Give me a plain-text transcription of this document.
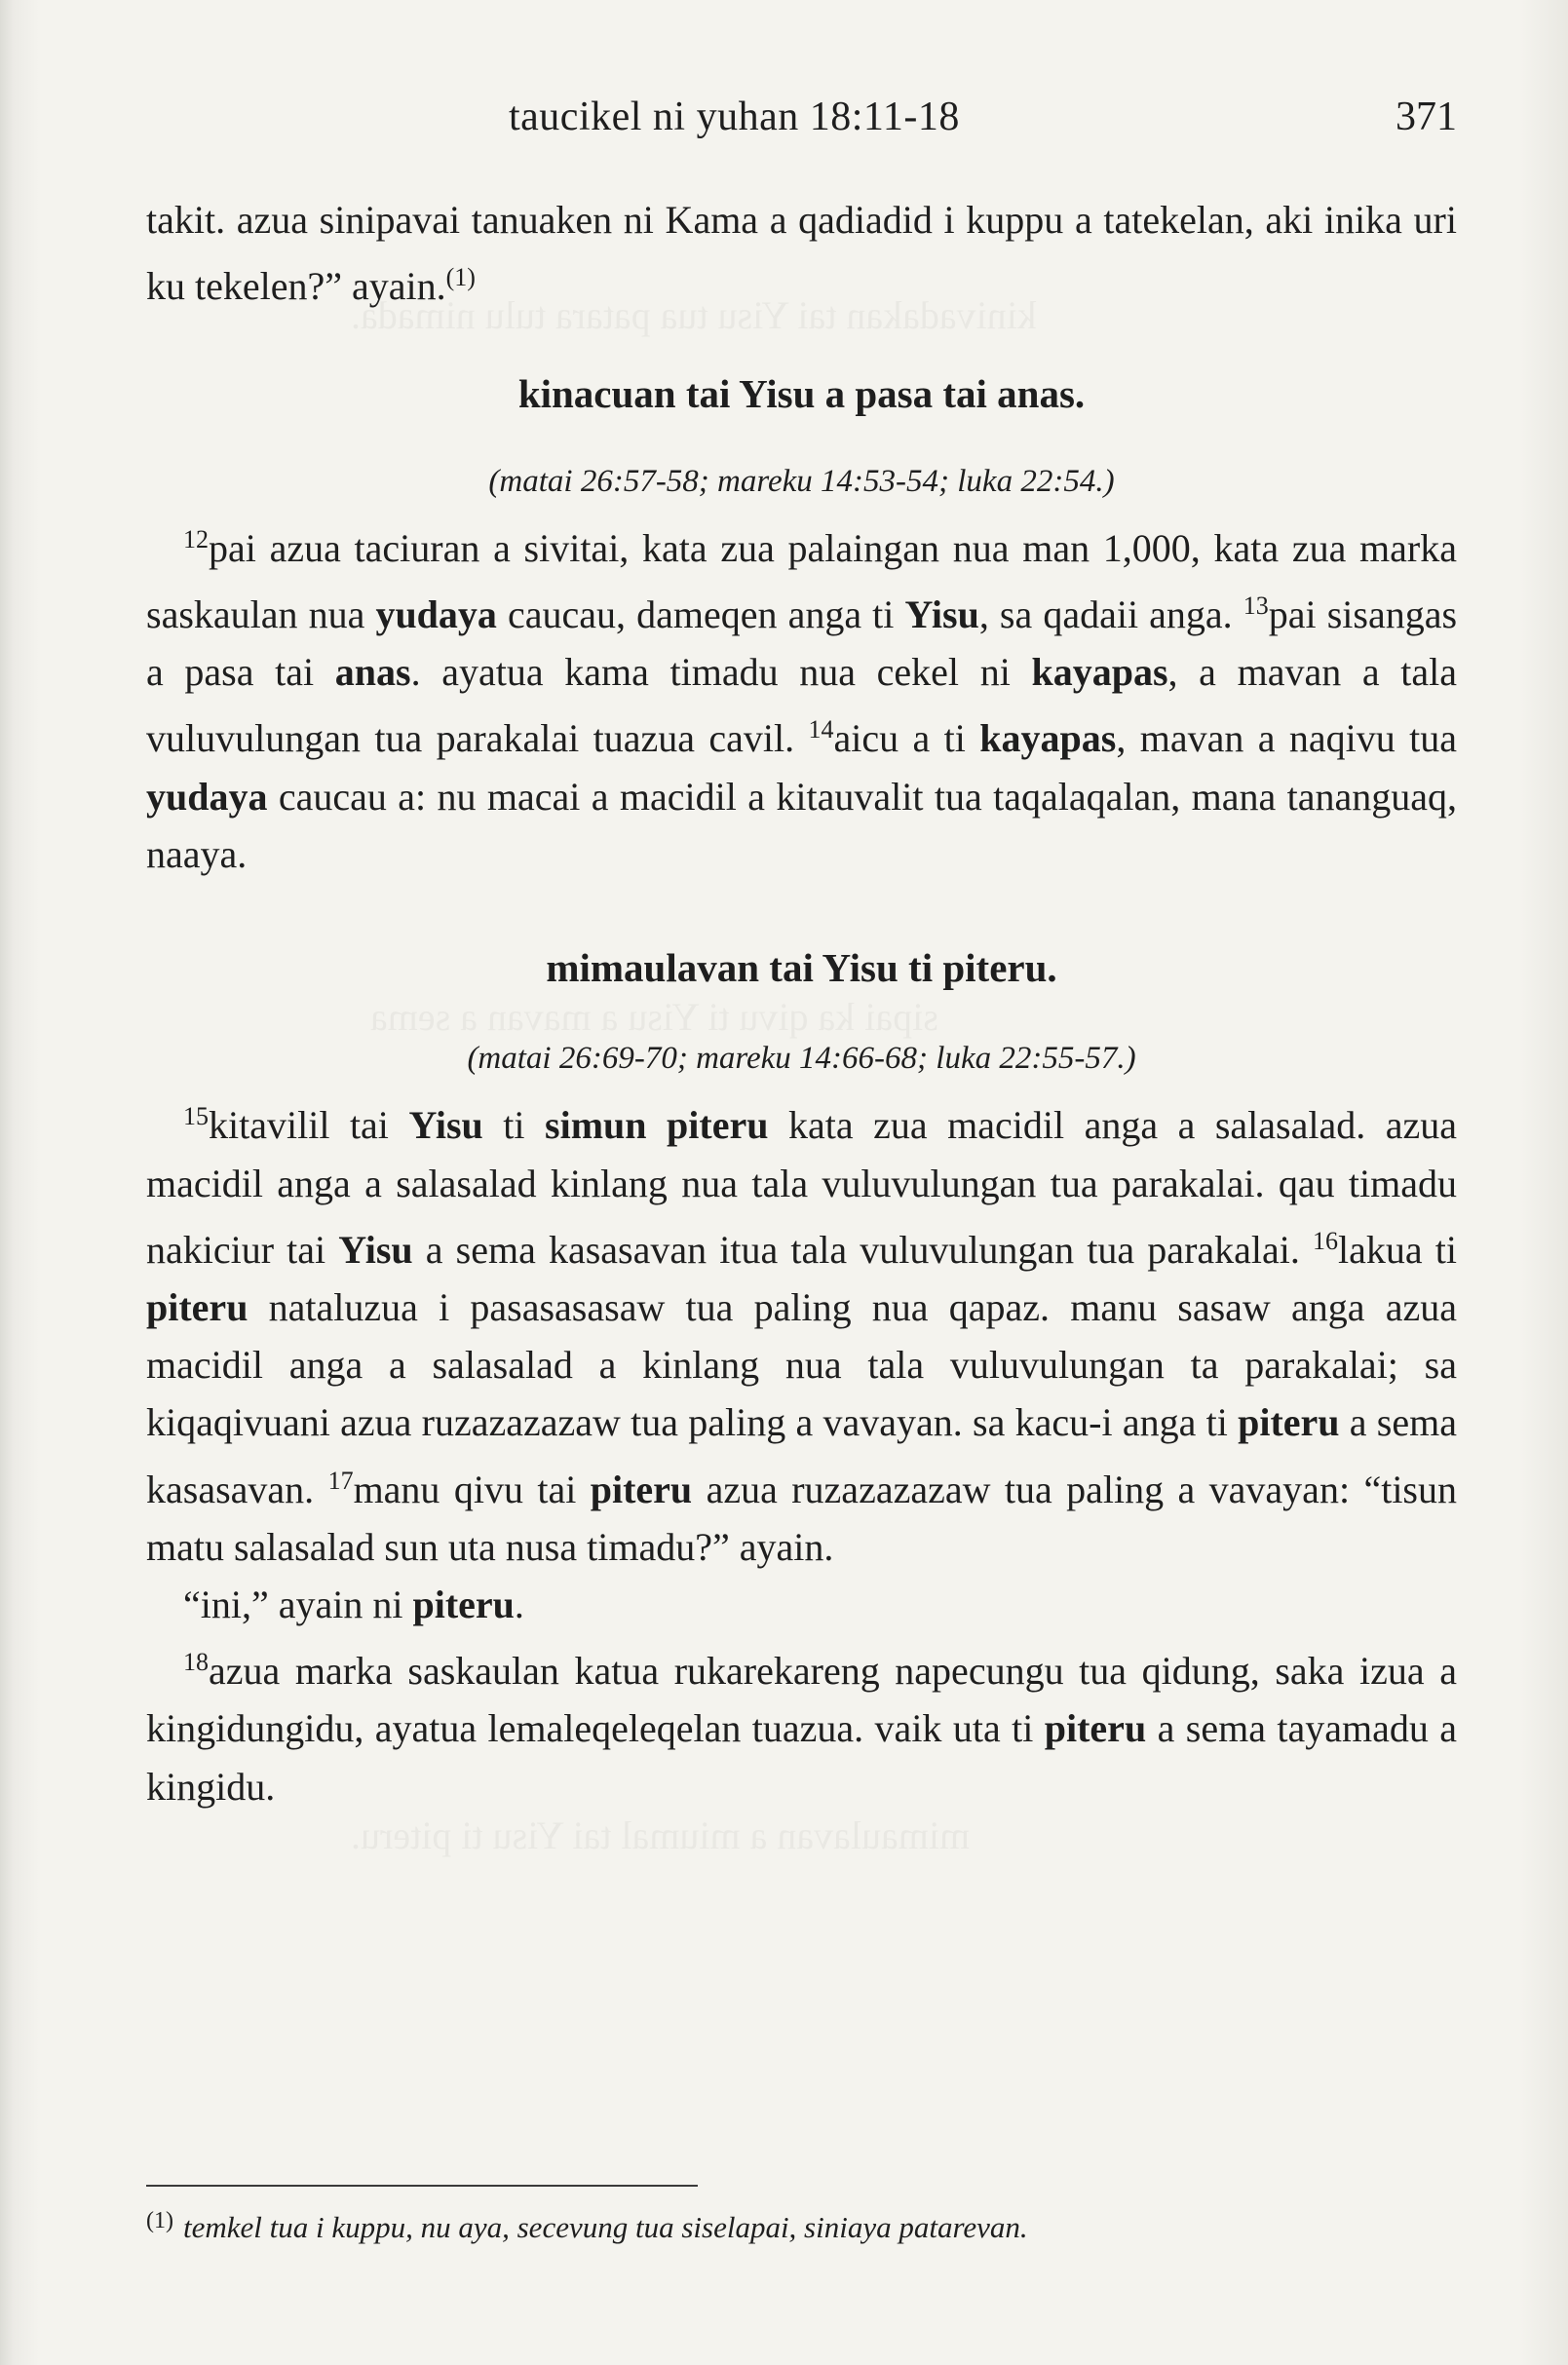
taucikel ni yuhan 18:11-18	371

takit. azua sinipavai tanuaken ni Kama a qadiadid i kuppu a tatekelan, aki inika uri ku tekelen?” ayain.$^{(1)}$

kinacuan tai Yisu a pasa tai anas.

(matai 26:57-58; mareku 14:53-54; luka 22:54.)

$^{12}$pai azua taciuran a sivitai, kata zua palaingan nua man 1,000, kata zua marka saskaulan nua yudaya caucau, dameqen anga ti Yisu, sa qadaii anga. $^{13}$pai sisangas a pasa tai anas. ayatua kama timadu nua cekel ni kayapas, a mavan a tala vuluvulungan tua parakalai tuazua cavil. $^{14}$aicu a ti kayapas, mavan a naqivu tua yudaya caucau a: nu macai a macidil a kitauvalit tua taqalaqalan, mana tananguaq, naaya.

mimaulavan tai Yisu ti piteru.

(matai 26:69-70; mareku 14:66-68; luka 22:55-57.)

$^{15}$kitavilil tai Yisu ti simun piteru kata zua macidil anga a salasalad. azua macidil anga a salasalad kinlang nua tala vuluvulungan tua parakalai. qau timadu nakiciur tai Yisu a sema kasasavan itua tala vuluvulungan tua parakalai. $^{16}$lakua ti piteru nataluzua i pasasasasaw tua paling nua qapaz. manu sasaw anga azua macidil anga a salasalad a kinlang nua tala vuluvulungan ta parakalai; sa kiqaqivuani azua ruzazazazaw tua paling a vavayan. sa kacu-i anga ti piteru a sema kasasavan. $^{17}$manu qivu tai piteru azua ruzazazazaw tua paling a vavayan: “tisun matu salasalad sun uta nusa timadu?” ayain.

“ini,” ayain ni piteru.

$^{18}$azua marka saskaulan katua rukarekareng napecungu tua qidung, saka izua a kingidungidu, ayatua lemaleqeleqelan tuazua. vaik uta ti piteru a sema tayamadu a kingidu.

$^{(1)}$ temkel tua i kuppu, nu aya, secevung tua siselapai, siniaya patarevan.
